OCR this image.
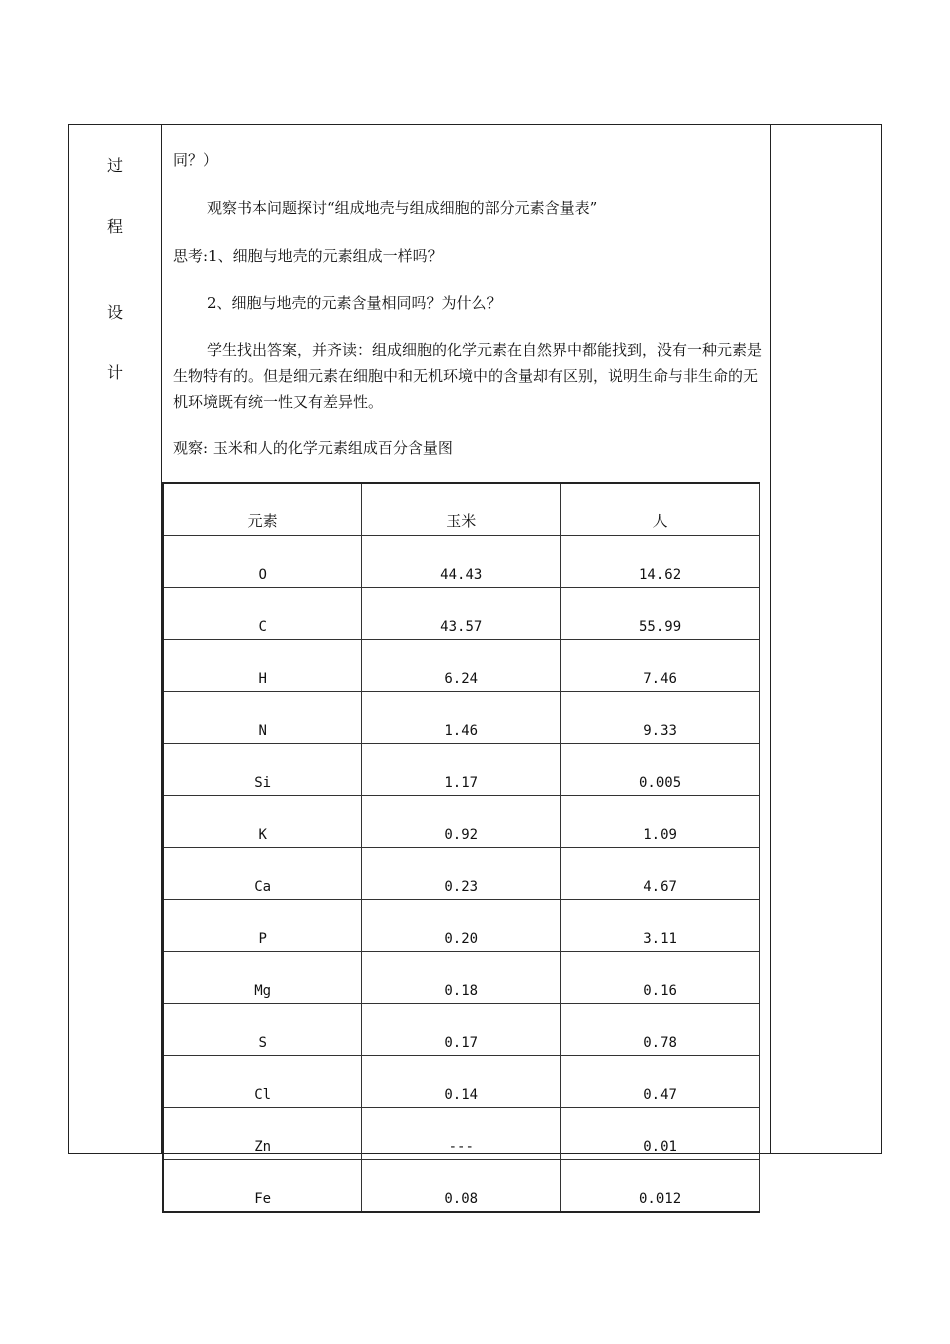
过
程
设
计
同？）
观察书本问题探讨“组成地壳与组成细胞的部分元素含量表”
思考:1、细胞与地壳的元素组成一样吗？
2、细胞与地壳的元素含量相同吗？为什么？
学生找出答案，并齐读：组成细胞的化学元素在自然界中都能找到，没有一种元素是生物特有的。但是细元素在细胞中和无机环境中的含量却有区别，说明生命与非生命的无机环境既有统一性又有差异性。
观察: 玉米和人的化学元素组成百分含量图
元素	玉米	人
O	44.43	14.62
C	43.57	55.99
H	6.24	7.46
N	1.46	9.33
Si	1.17	0.005
K	0.92	1.09
Ca	0.23	4.67
P	0.20	3.11
Mg	0.18	0.16
S	0.17	0.78
Cl	0.14	0.47
Zn	---	0.01
Fe	0.08	0.012
